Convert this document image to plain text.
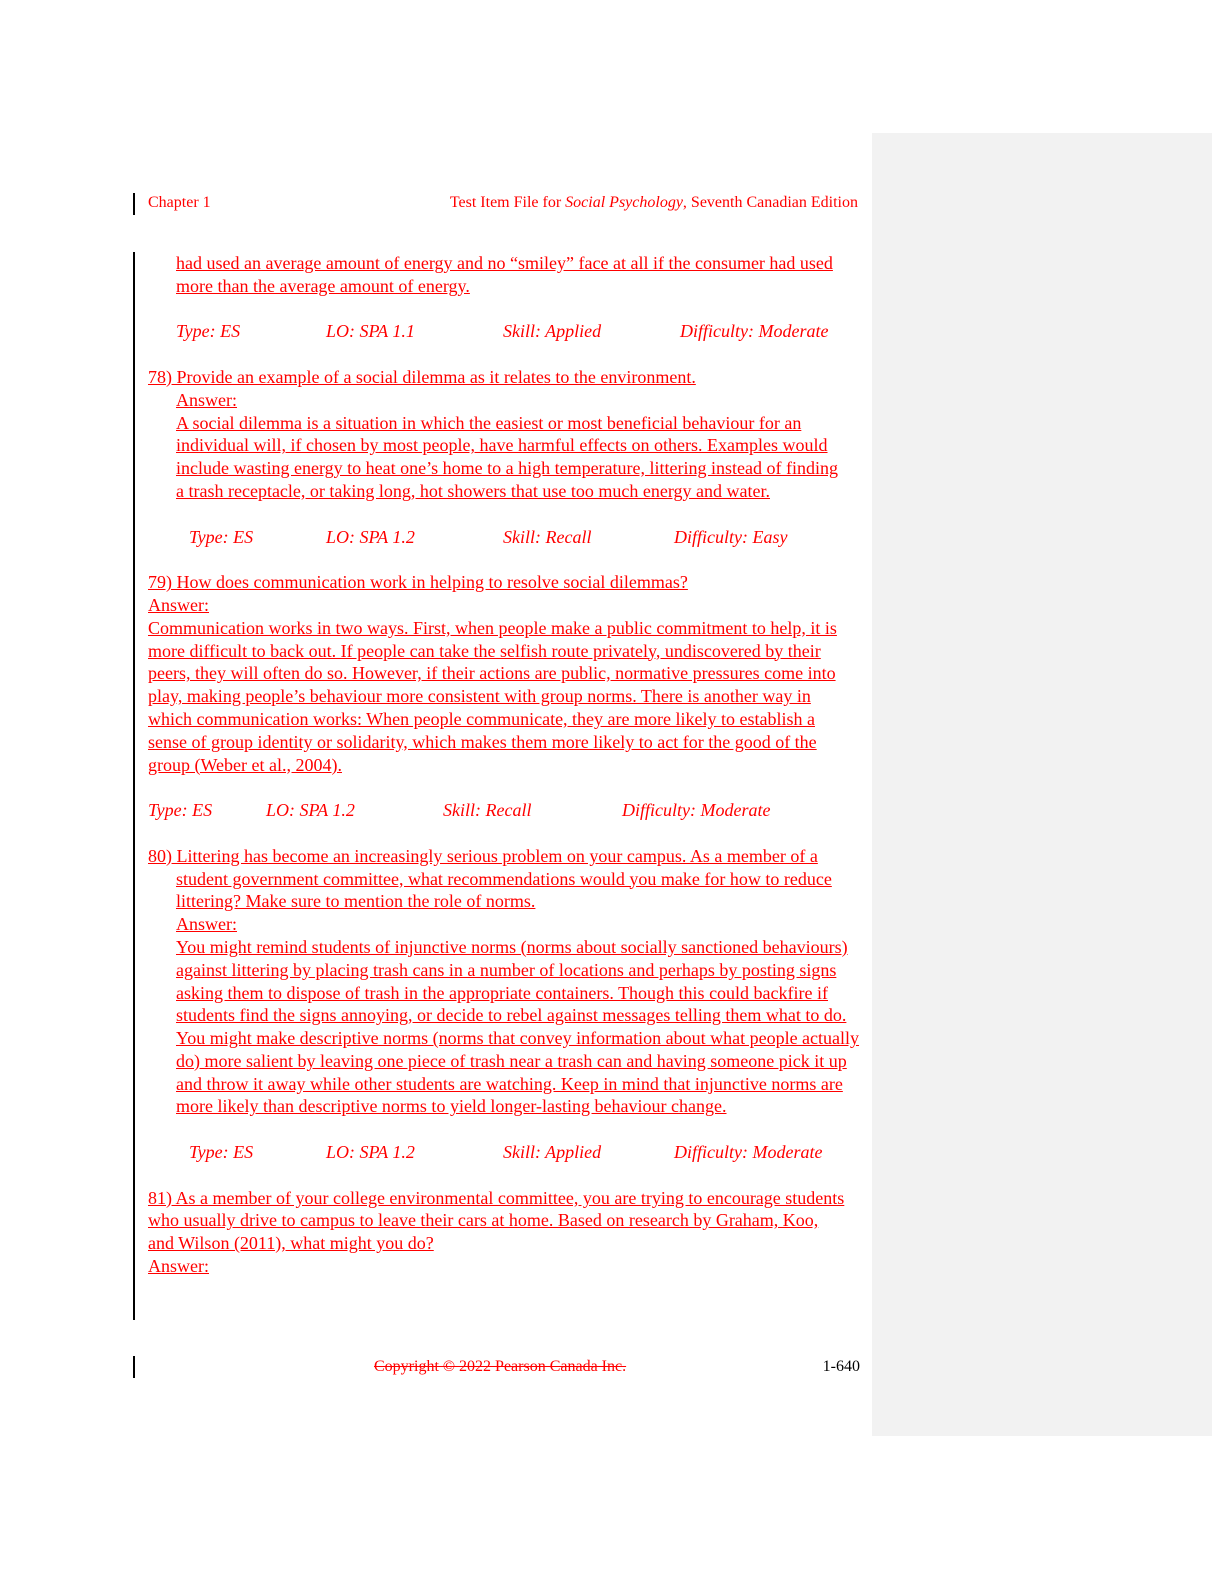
Chapter 1	Test Item File for Social Psychology, Seventh Canadian Edition

had used an average amount of energy and no “smiley” face at all if the consumer had used more than the average amount of energy.

Type: ES	LO: SPA 1.1	Skill: Applied	Difficulty: Moderate

78) Provide an example of a social dilemma as it relates to the environment.

Answer:

A social dilemma is a situation in which the easiest or most beneficial behaviour for an individual will, if chosen by most people, have harmful effects on others. Examples would include wasting energy to heat one’s home to a high temperature, littering instead of finding a trash receptacle, or taking long, hot showers that use too much energy and water.

Type: ES	LO: SPA 1.2	Skill: Recall	Difficulty: Easy

79) How does communication work in helping to resolve social dilemmas?

Answer:

Communication works in two ways. First, when people make a public commitment to help, it is more difficult to back out. If people can take the selfish route privately, undiscovered by their peers, they will often do so. However, if their actions are public, normative pressures come into play, making people’s behaviour more consistent with group norms. There is another way in which communication works: When people communicate, they are more likely to establish a sense of group identity or solidarity, which makes them more likely to act for the good of the group (Weber et al., 2004).

Type: ES	LO: SPA 1.2	Skill: Recall	Difficulty: Moderate

80) Littering has become an increasingly serious problem on your campus. As a member of a student government committee, what recommendations would you make for how to reduce littering? Make sure to mention the role of norms.

Answer:

You might remind students of injunctive norms (norms about socially sanctioned behaviours) against littering by placing trash cans in a number of locations and perhaps by posting signs asking them to dispose of trash in the appropriate containers. Though this could backfire if students find the signs annoying, or decide to rebel against messages telling them what to do. You might make descriptive norms (norms that convey information about what people actually do) more salient by leaving one piece of trash near a trash can and having someone pick it up and throw it away while other students are watching. Keep in mind that injunctive norms are more likely than descriptive norms to yield longer-lasting behaviour change.

Type: ES	LO: SPA 1.2	Skill: Applied	Difficulty: Moderate

81) As a member of your college environmental committee, you are trying to encourage students who usually drive to campus to leave their cars at home. Based on research by Graham, Koo, and Wilson (2011), what might you do?

Answer:

Copyright © 2022 Pearson Canada Inc.	1-640
